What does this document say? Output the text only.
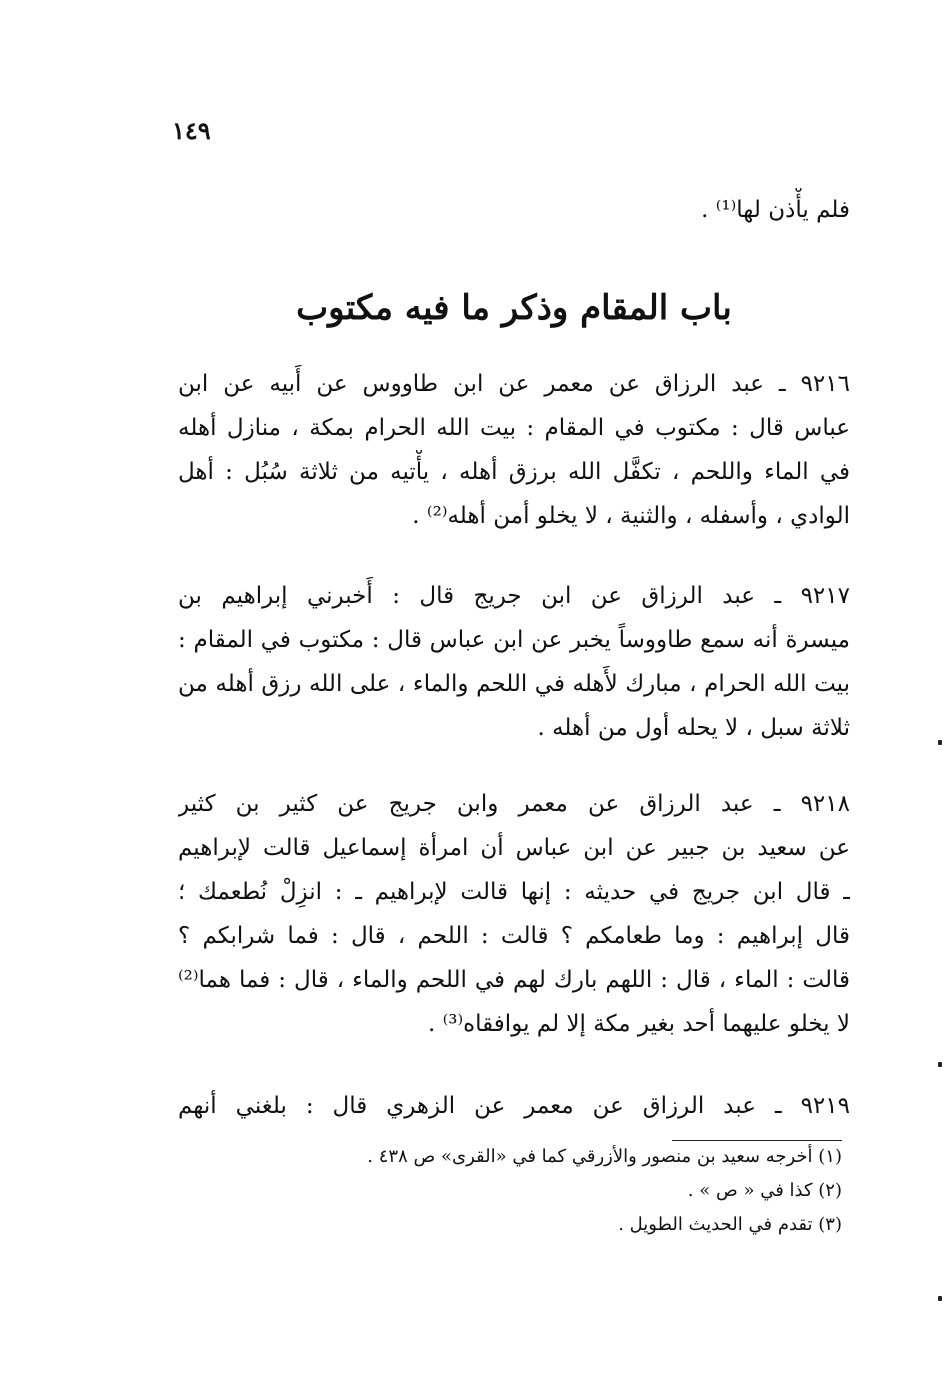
١٤٩
فلم يأْذن لها⁽¹⁾ .
باب المقام وذكر ما فيه مكتوب
٩٢١٦ ـ عبد الرزاق عن معمر عن ابن طاووس عن أَبيه عن ابن
عباس قال : مكتوب في المقام : بيت الله الحرام بمكة ، منازل أهله
في الماء واللحم ، تكفَّل الله برزق أهله ، يأْتيه من ثلاثة سُبُل : أهل
الوادي ، وأسفله ، والثنية ، لا يخلو أمن أهله⁽²⁾ .
٩٢١٧ ـ عبد الرزاق عن ابن جريج قال : أَخبرني إبراهيم بن
ميسرة أنه سمع طاووساً يخبر عن ابن عباس قال : مكتوب في المقام :
بيت الله الحرام ، مبارك لأَهله في اللحم والماء ، على الله رزق أهله من
ثلاثة سبل ، لا يحله أول من أهله .
٩٢١٨ ـ عبد الرزاق عن معمر وابن جريج عن كثير بن كثير
عن سعيد بن جبير عن ابن عباس أن امرأة إسماعيل قالت لإبراهيم
ـ قال ابن جريج في حديثه : إنها قالت لإبراهيم ـ : انزِلْ نُطعمك ؛
قال إبراهيم : وما طعامكم ؟ قالت : اللحم ، قال : فما شرابكم ؟
قالت : الماء ، قال : اللهم بارك لهم في اللحم والماء ، قال : فما هما⁽²⁾
لا يخلو عليهما أحد بغير مكة إلا لم يوافقاه⁽³⁾ .
٩٢١٩ ـ عبد الرزاق عن معمر عن الزهري قال : بلغني أنهم
(١) أخرجه سعيد بن منصور والأزرقي كما في «القرى» ص ٤٣٨ .
(٢) كذا في « ص » .
(٣) تقدم في الحديث الطويل .
